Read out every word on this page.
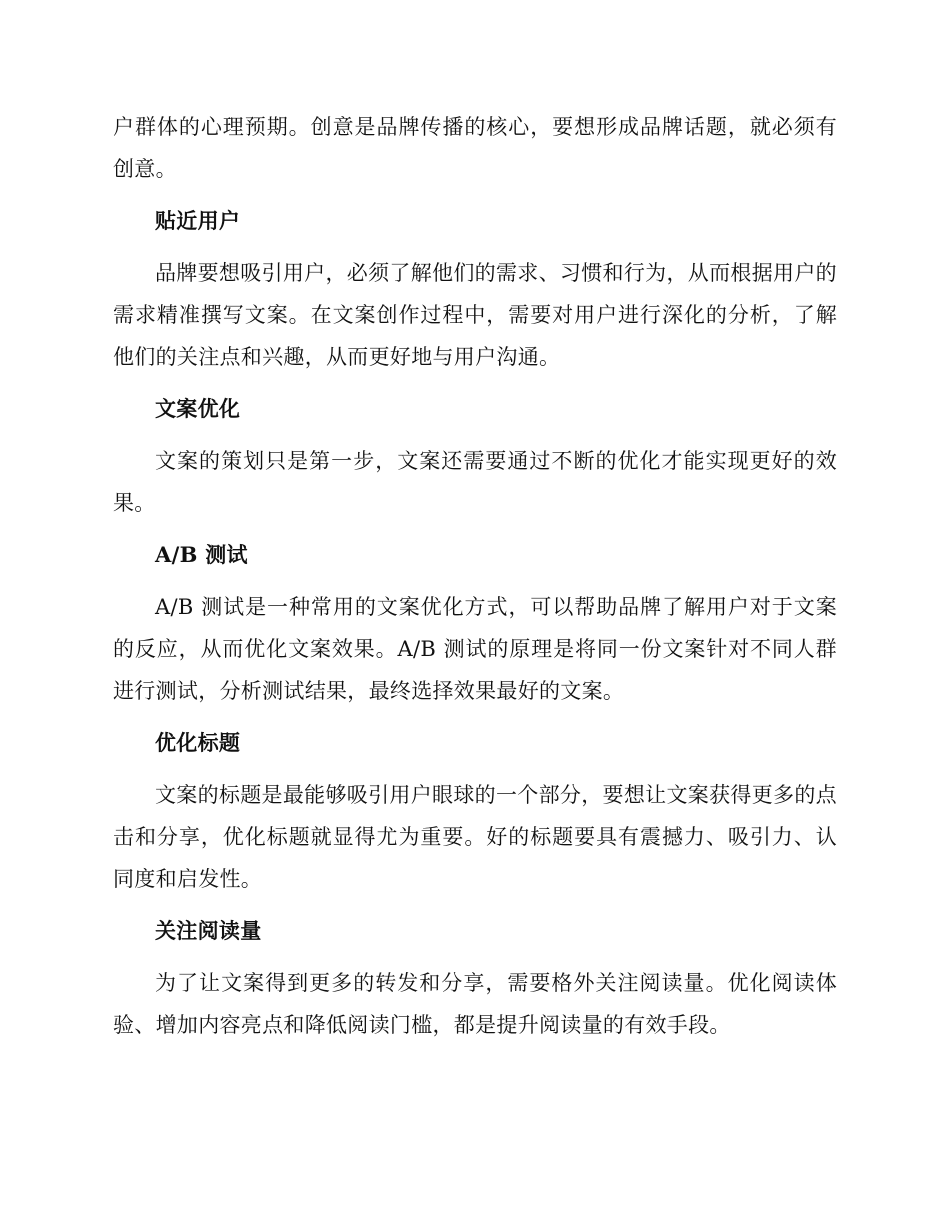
户群体的心理预期。创意是品牌传播的核心，要想形成品牌话题，就必须有创意。

贴近用户

品牌要想吸引用户，必须了解他们的需求、习惯和行为，从而根据用户的需求精准撰写文案。在文案创作过程中，需要对用户进行深化的分析，了解他们的关注点和兴趣，从而更好地与用户沟通。

文案优化

文案的策划只是第一步，文案还需要通过不断的优化才能实现更好的效果。

A/B 测试

A/B 测试是一种常用的文案优化方式，可以帮助品牌了解用户对于文案的反应，从而优化文案效果。A/B 测试的原理是将同一份文案针对不同人群进行测试，分析测试结果，最终选择效果最好的文案。

优化标题

文案的标题是最能够吸引用户眼球的一个部分，要想让文案获得更多的点击和分享，优化标题就显得尤为重要。好的标题要具有震撼力、吸引力、认同度和启发性。

关注阅读量

为了让文案得到更多的转发和分享，需要格外关注阅读量。优化阅读体验、增加内容亮点和降低阅读门槛，都是提升阅读量的有效手段。
